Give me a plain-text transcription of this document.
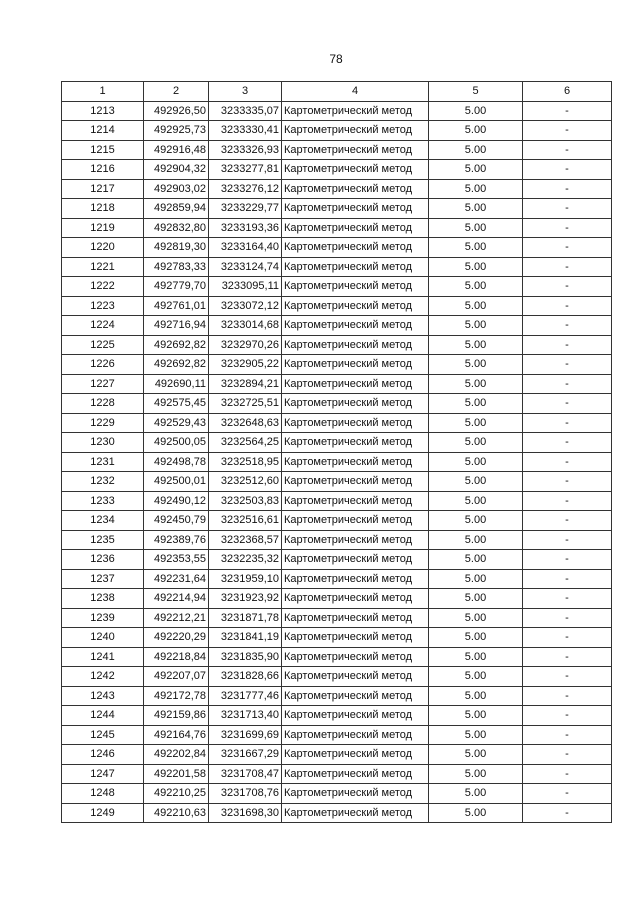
78
1	2	3	4	5	6
1213	492926,50	3233335,07	Картометрический метод	5.00	-
1214	492925,73	3233330,41	Картометрический метод	5.00	-
1215	492916,48	3233326,93	Картометрический метод	5.00	-
1216	492904,32	3233277,81	Картометрический метод	5.00	-
1217	492903,02	3233276,12	Картометрический метод	5.00	-
1218	492859,94	3233229,77	Картометрический метод	5.00	-
1219	492832,80	3233193,36	Картометрический метод	5.00	-
1220	492819,30	3233164,40	Картометрический метод	5.00	-
1221	492783,33	3233124,74	Картометрический метод	5.00	-
1222	492779,70	3233095,11	Картометрический метод	5.00	-
1223	492761,01	3233072,12	Картометрический метод	5.00	-
1224	492716,94	3233014,68	Картометрический метод	5.00	-
1225	492692,82	3232970,26	Картометрический метод	5.00	-
1226	492692,82	3232905,22	Картометрический метод	5.00	-
1227	492690,11	3232894,21	Картометрический метод	5.00	-
1228	492575,45	3232725,51	Картометрический метод	5.00	-
1229	492529,43	3232648,63	Картометрический метод	5.00	-
1230	492500,05	3232564,25	Картометрический метод	5.00	-
1231	492498,78	3232518,95	Картометрический метод	5.00	-
1232	492500,01	3232512,60	Картометрический метод	5.00	-
1233	492490,12	3232503,83	Картометрический метод	5.00	-
1234	492450,79	3232516,61	Картометрический метод	5.00	-
1235	492389,76	3232368,57	Картометрический метод	5.00	-
1236	492353,55	3232235,32	Картометрический метод	5.00	-
1237	492231,64	3231959,10	Картометрический метод	5.00	-
1238	492214,94	3231923,92	Картометрический метод	5.00	-
1239	492212,21	3231871,78	Картометрический метод	5.00	-
1240	492220,29	3231841,19	Картометрический метод	5.00	-
1241	492218,84	3231835,90	Картометрический метод	5.00	-
1242	492207,07	3231828,66	Картометрический метод	5.00	-
1243	492172,78	3231777,46	Картометрический метод	5.00	-
1244	492159,86	3231713,40	Картометрический метод	5.00	-
1245	492164,76	3231699,69	Картометрический метод	5.00	-
1246	492202,84	3231667,29	Картометрический метод	5.00	-
1247	492201,58	3231708,47	Картометрический метод	5.00	-
1248	492210,25	3231708,76	Картометрический метод	5.00	-
1249	492210,63	3231698,30	Картометрический метод	5.00	-
